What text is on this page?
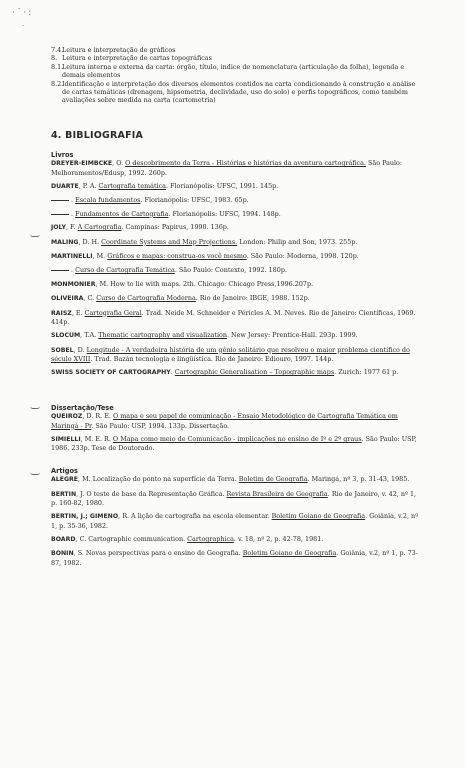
·˙·:
·
7.4.
Leitura e interpretação de gráficos
8. Leitura e interpretação de cartas topográficas
8.1.
Leitura interna e externa da carta: órgão, título, indice de nomenclatura (articulação da folha), legenda e demais elementos
8.2.
Identificação e interpretação dos diversos elementos contidos na carta condicionando à construção e análise de cartas temáticas (drenagem, hipsometria, declividade, uso do solo) e perfis topográficos, como também avaliações sobre medida na carta (cartometria)
4. BIBLIOGRAFIA
Livros
DREYER-EIMBCKE, O. O descobrimento da Terra - Histórias e histórias da aventura cartográfica. São Paulo: Melhoramentos/Edusp, 1992. 260p.
DUARTE, P. A. Cartografia temática. Florianópolis: UFSC, 1991. 145p.
. Escala fundamentos. Florianópolis: UFSC, 1983. 65p.
. Fundamentos de Cartografia. Florianópolis: UFSC, 1994. 148p.
JOLY, F. A Cartografia. Campinas: Papirus, 1990. 136p.
MALING, D. H. Coordinate Systems and Map Projections. London: Philip and Son, 1973. 255p.
MARTINELLI, M. Gráficos e mapas: construa-os você mesmo. São Paulo: Moderna, 1998. 120p.
. Curso de Cartografia Temática. São Paulo: Contexto, 1992. 180p.
MONMONIER, M. How to lie with maps. 2th. Chicago: Chicago Press,1996.207p.
OLIVEIRA, C. Curso de Cartografia Moderna. Rio de Janeiro: IBGE, 1988. 152p.
RAISZ, E. Cartografia Geral. Trad. Neide M. Schneider e Péricles A. M. Neves. Rio de Janeiro: Científicas, 1969. 414p.
SLOCUM, T.A. Thematic cartography and visualization. New Jersey: Prentice-Hall. 293p. 1999.
SOBEL, D. Longitude - A verdadeira história de um gênio solitário que resolveu o maior problema científico do século XVIII. Trad. Bazán tecnologia e lingüística. Rio de Janeiro: Ediouro, 1997. 144p.
SWISS SOCIETY OF CARTOGRAPHY. Cartographic Generalisation – Topographic maps. Zurich: 1977 61 p.
Dissertação/Tese
QUEIROZ, D. R. E. O mapa e seu papel de comunicação - Ensaio Metodológico de Cartografia Temática em Maringá - Pr. São Paulo: USP, 1994. 133p. Dissertação.
SIMIELLI, M. E. R. O Mapa como meio de Comunicação - implicações no ensino de Iº e 2º graus. São Paulo: USP, 1986. 233p. Tese de Doutorado.
Artigos
ALEGRE, M. Localização do ponto na superfície da Terra. Boletim de Geografia. Maringá, nº 3, p. 31-43, 1985.
BERTIN, J. O teste de base da Representação Gráfica. Revista Brasileira de Geografia. Rio de Janeiro, v. 42, nº 1, p. 160-82, 1980.
BERTIN, J.; GIMENO, R. A lição de cartografia na escola elementar. Boletim Goiano de Geografia. Goiânia, v.2, nº 1, p. 35-36, 1982.
BOARD, C. Cartographic communication. Cartographica. v. 18, nº 2, p. 42-78, 1981.
BONIN, S. Novas perspectivas para o ensino de Geografia. Boletim Goiano de Geografia. Goiânia, v.2, nº 1, p. 73-87, 1982.
